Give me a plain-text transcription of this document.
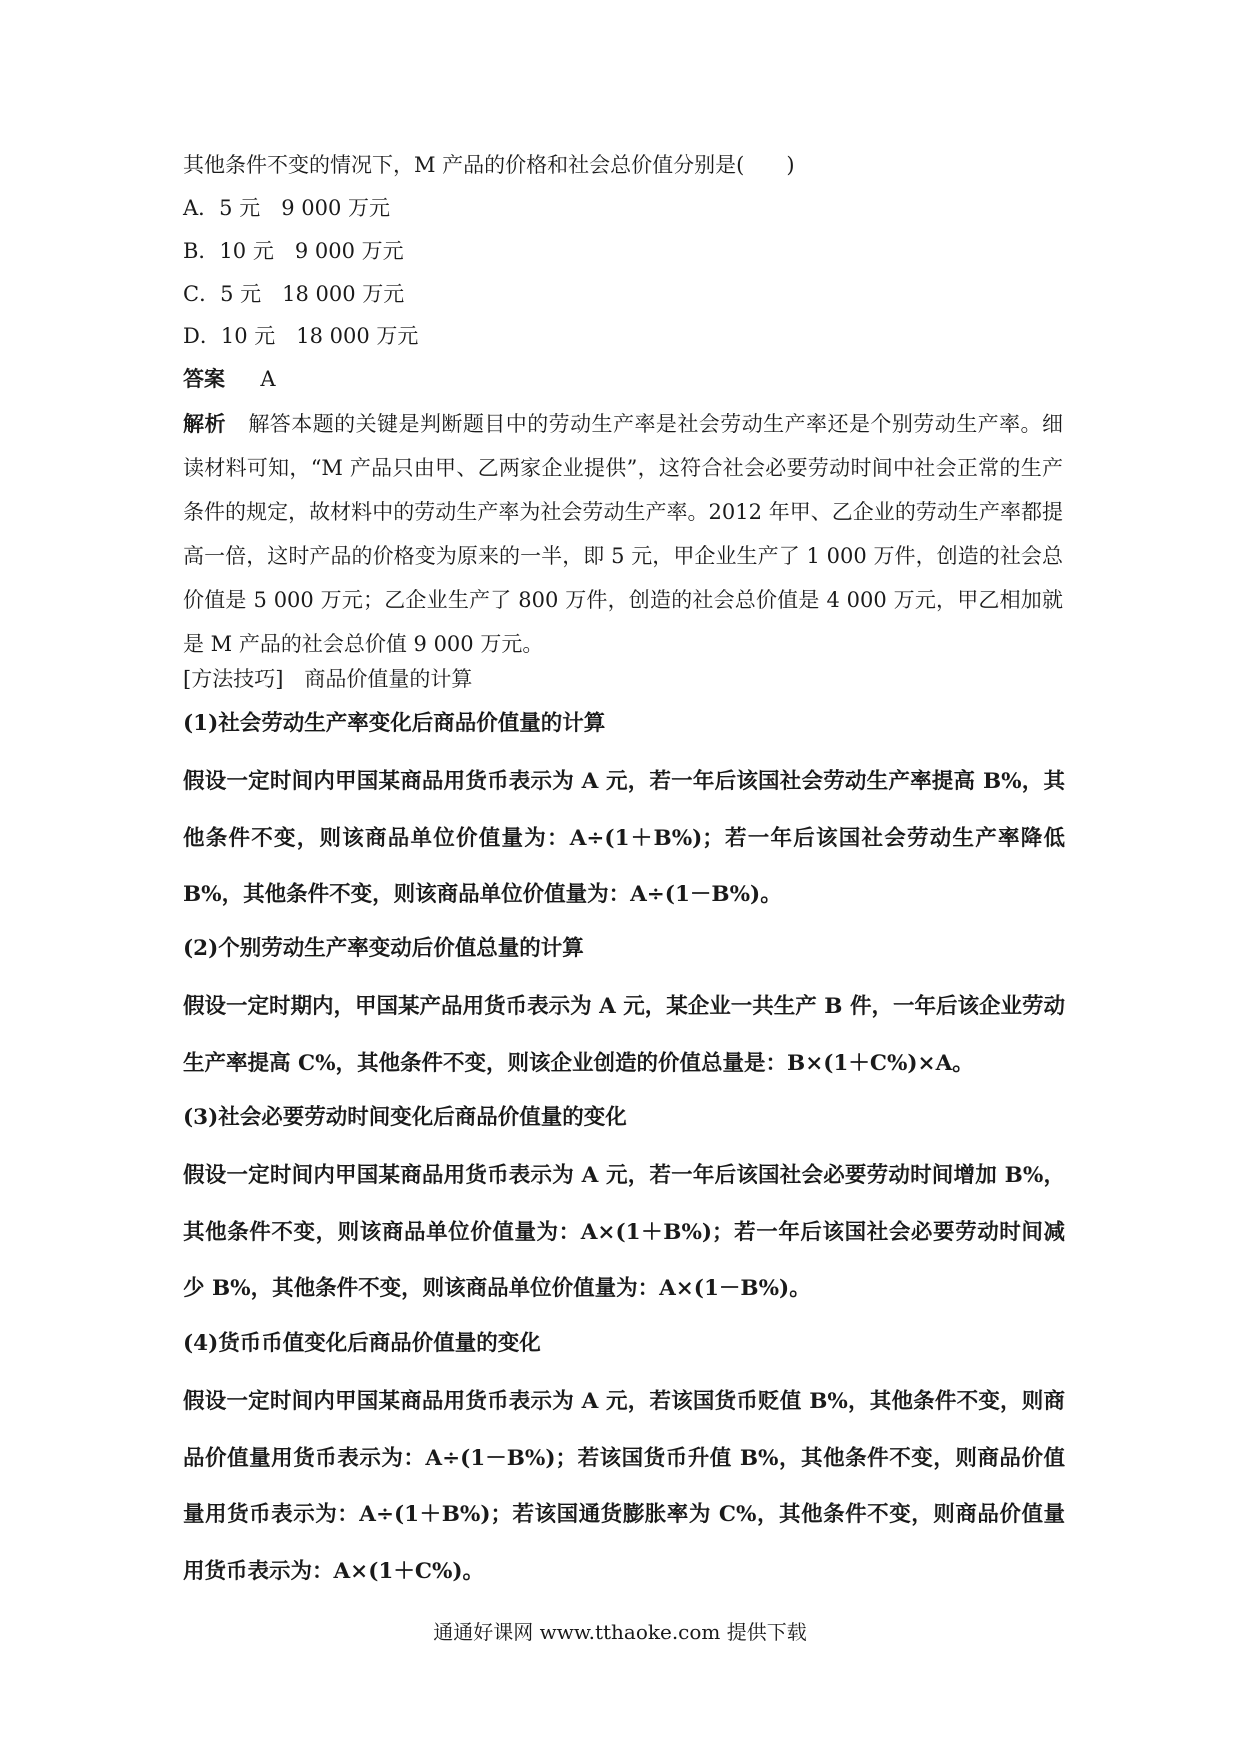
其他条件不变的情况下，M 产品的价格和社会总价值分别是(　　)
A．5 元　9 000 万元
B．10 元　9 000 万元
C．5 元　18 000 万元
D．10 元　18 000 万元
答案 A
解析 解答本题的关键是判断题目中的劳动生产率是社会劳动生产率还是个别劳动生产率。细读材料可知，“M 产品只由甲、乙两家企业提供”，这符合社会必要劳动时间中社会正常的生产条件的规定，故材料中的劳动生产率为社会劳动生产率。2012 年甲、乙企业的劳动生产率都提高一倍，这时产品的价格变为原来的一半，即 5 元，甲企业生产了 1 000 万件，创造的社会总价值是 5 000 万元；乙企业生产了 800 万件，创造的社会总价值是 4 000 万元，甲乙相加就是 M 产品的社会总价值 9 000 万元。
[方法技巧]　商品价值量的计算
(1)社会劳动生产率变化后商品价值量的计算
假设一定时间内甲国某商品用货币表示为 A 元，若一年后该国社会劳动生产率提高 B%，其他条件不变，则该商品单位价值量为：A÷(1＋B%)；若一年后该国社会劳动生产率降低 B%，其他条件不变，则该商品单位价值量为：A÷(1－B%)。
(2)个别劳动生产率变动后价值总量的计算
假设一定时期内，甲国某产品用货币表示为 A 元，某企业一共生产 B 件，一年后该企业劳动生产率提高 C%，其他条件不变，则该企业创造的价值总量是：B×(1＋C%)×A。
(3)社会必要劳动时间变化后商品价值量的变化
假设一定时间内甲国某商品用货币表示为 A 元，若一年后该国社会必要劳动时间增加 B%，其他条件不变，则该商品单位价值量为：A×(1＋B%)；若一年后该国社会必要劳动时间减少 B%，其他条件不变，则该商品单位价值量为：A×(1－B%)。
(4)货币币值变化后商品价值量的变化
假设一定时间内甲国某商品用货币表示为 A 元，若该国货币贬值 B%，其他条件不变，则商品价值量用货币表示为：A÷(1－B%)；若该国货币升值 B%，其他条件不变，则商品价值量用货币表示为：A÷(1＋B%)；若该国通货膨胀率为 C%，其他条件不变，则商品价值量用货币表示为：A×(1＋C%)。
通通好课网 www.tthaoke.com 提供下载
